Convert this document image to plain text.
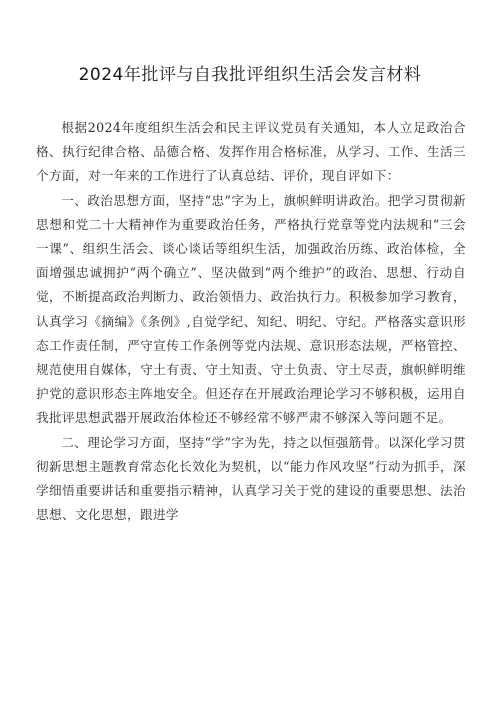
2024年批评与自我批评组织生活会发言材料

根据2024年度组织生活会和民主评议党员有关通知，本人立足政治合格、执行纪律合格、品德合格、发挥作用合格标准，从学习、工作、生活三个方面，对一年来的工作进行了认真总结、评价，现自评如下：

一、政治思想方面，坚持“忠”字为上，旗帜鲜明讲政治。把学习贯彻新思想和党二十大精神作为重要政治任务，严格执行党章等党内法规和“三会一课”、组织生活会、谈心谈话等组织生活，加强政治历练、政治体检，全面增强忠诚拥护“两个确立”、坚决做到“两个维护”的政治、思想、行动自觉，不断提高政治判断力、政治领悟力、政治执行力。积极参加学习教育，认真学习《摘编》《条例》,自觉学纪、知纪、明纪、守纪。严格落实意识形态工作责任制，严守宣传工作条例等党内法规、意识形态法规，严格管控、规范使用自媒体，守土有责、守土知责、守土负责、守土尽责，旗帜鲜明维护党的意识形态主阵地安全。但还存在开展政治理论学习不够积极，运用自我批评思想武器开展政治体检还不够经常不够严肃不够深入等问题不足。

二、理论学习方面，坚持“学”字为先，持之以恒强筋骨。以深化学习贯彻新思想主题教育常态化长效化为契机，以“能力作风攻坚”行动为抓手，深学细悟重要讲话和重要指示精神，认真学习关于党的建设的重要思想、法治思想、文化思想，跟进学
